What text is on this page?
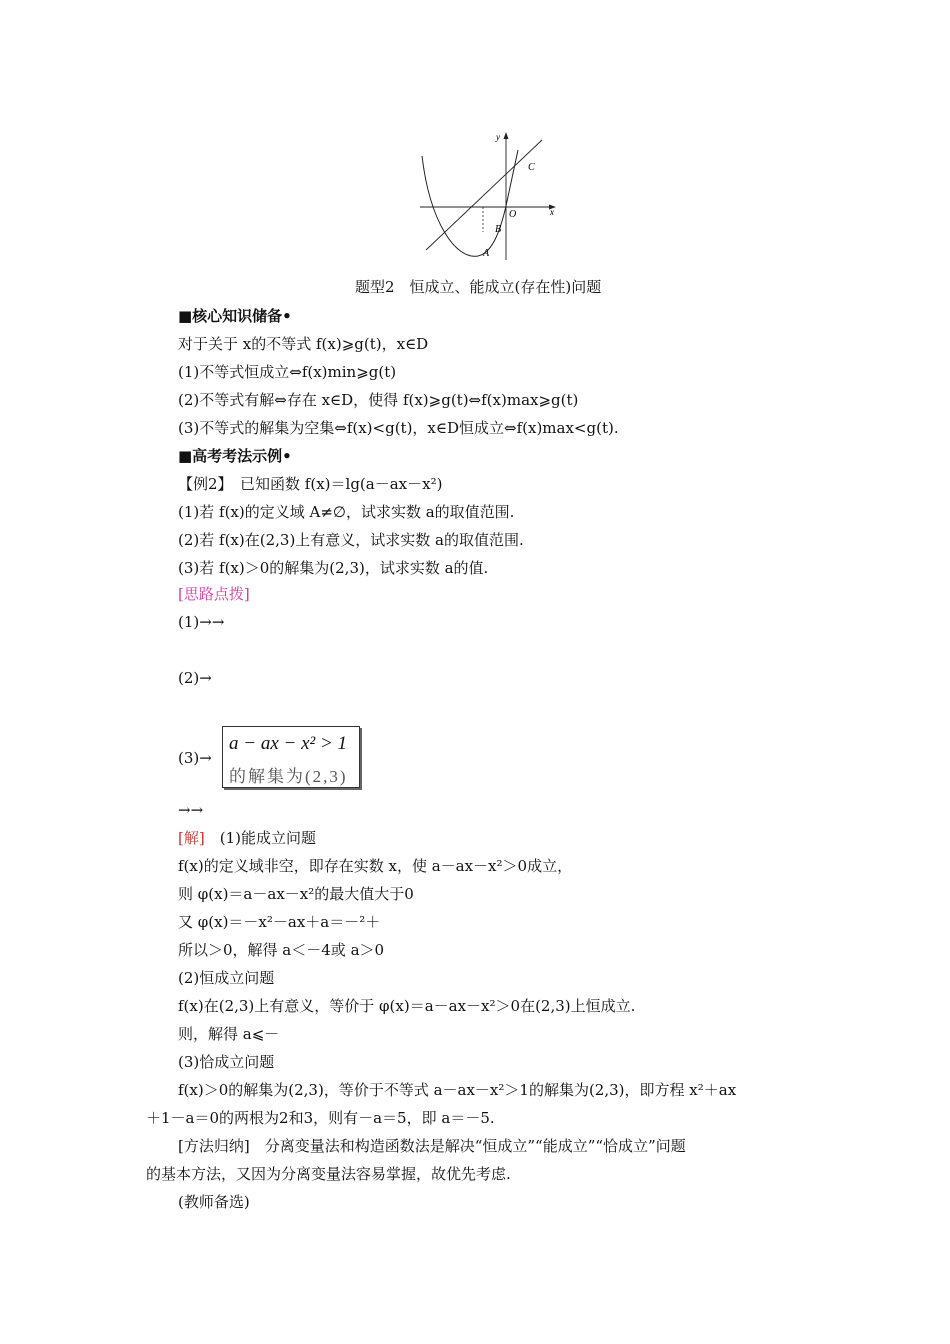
y
x
C
O
B
A
题型2　恒成立、能成立(存在性)问题
■核心知识储备•
对于关于 x的不等式 f(x)⩾g(t)，x∈D
(1)不等式恒成立⇔f(x)min⩾g(t)
(2)不等式有解⇔存在 x∈D，使得 f(x)⩾g(t)⇔f(x)max⩾g(t)
(3)不等式的解集为空集⇔f(x)<g(t)，x∈D恒成立⇔f(x)max<g(t).
■高考考法示例•
【例2】　已知函数 f(x)＝lg(a－ax－x²)
(1)若 f(x)的定义域 A≠∅，试求实数 a的取值范围.
(2)若 f(x)在(2,3)上有意义，试求实数 a的取值范围.
(3)若 f(x)＞0的解集为(2,3)，试求实数 a的值.
[思路点拨]
(1)→→
(2)→
(3)→
a − ax − x² > 1
的解集为(2,3)
→→
[解]　(1)能成立问题
f(x)的定义域非空，即存在实数 x，使 a－ax－x²＞0成立，
则 φ(x)＝a－ax－x²的最大值大于0
又 φ(x)＝－x²－ax＋a＝－²＋
所以＞0，解得 a＜－4或 a＞0
(2)恒成立问题
f(x)在(2,3)上有意义，等价于 φ(x)＝a－ax－x²＞0在(2,3)上恒成立.
则，解得 a⩽－
(3)恰成立问题
f(x)＞0的解集为(2,3)，等价于不等式 a－ax－x²＞1的解集为(2,3)，即方程 x²＋ax
＋1－a＝0的两根为2和3，则有－a＝5，即 a＝－5.
[方法归纳]　分离变量法和构造函数法是解决“恒成立”“能成立”“恰成立”问题
的基本方法，又因为分离变量法容易掌握，故优先考虑.
(教师备选)
